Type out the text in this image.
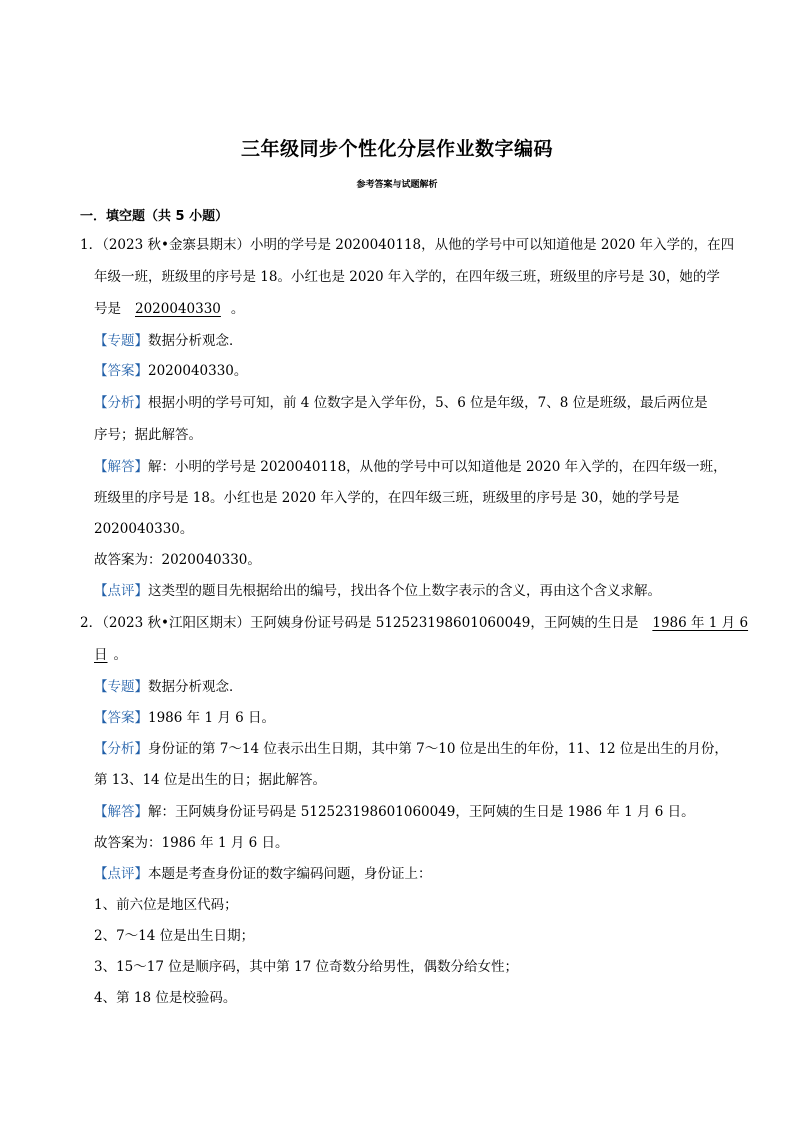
三年级同步个性化分层作业数字编码
参考答案与试题解析
一．填空题（共 5 小题）
1．（2023 秋•金寨县期末）小明的学号是 2020040118，从他的学号中可以知道他是 2020 年入学的，在四
年级一班，班级里的序号是 18。小红也是 2020 年入学的，在四年级三班，班级里的序号是 30，她的学
号是 2020040330 。
【专题】数据分析观念．
【答案】2020040330。
【分析】根据小明的学号可知，前 4 位数字是入学年份，5、6 位是年级，7、8 位是班级，最后两位是
序号；据此解答。
【解答】解：小明的学号是 2020040118，从他的学号中可以知道他是 2020 年入学的，在四年级一班，
班级里的序号是 18。小红也是 2020 年入学的，在四年级三班，班级里的序号是 30，她的学号是
2020040330。
故答案为：2020040330。
【点评】这类型的题目先根据给出的编号，找出各个位上数字表示的含义，再由这个含义求解。
2．（2023 秋•江阳区期末）王阿姨身份证号码是 512523198601060049，王阿姨的生日是 1986 年 1 月 6
日 。
【专题】数据分析观念．
【答案】1986 年 1 月 6 日。
【分析】身份证的第 7～14 位表示出生日期，其中第 7～10 位是出生的年份，11、12 位是出生的月份，
第 13、14 位是出生的日；据此解答。
【解答】解：王阿姨身份证号码是 512523198601060049，王阿姨的生日是 1986 年 1 月 6 日。
故答案为：1986 年 1 月 6 日。
【点评】本题是考查身份证的数字编码问题，身份证上：
1、前六位是地区代码；
2、7～14 位是出生日期；
3、15～17 位是顺序码，其中第 17 位奇数分给男性，偶数分给女性；
4、第 18 位是校验码。
